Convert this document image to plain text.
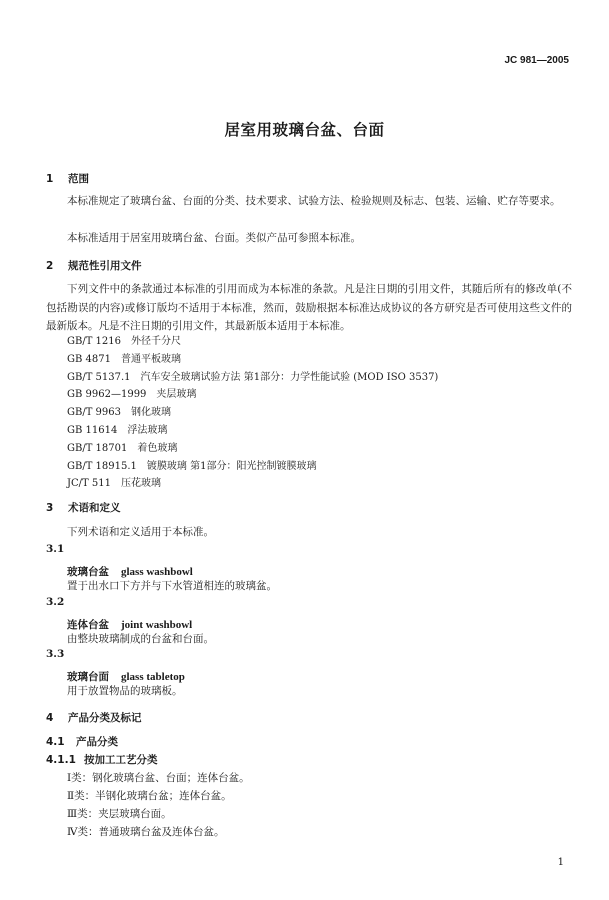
JC 981—2005
居室用玻璃台盆、台面
1 范围
本标准规定了玻璃台盆、台面的分类、技术要求、试验方法、检验规则及标志、包装、运输、贮存等要求。
本标准适用于居室用玻璃台盆、台面。类似产品可参照本标准。
2 规范性引用文件
下列文件中的条款通过本标准的引用而成为本标准的条款。凡是注日期的引用文件，其随后所有的修改单(不包括勘误的内容)或修订版均不适用于本标准，然而，鼓励根据本标准达成协议的各方研究是否可使用这些文件的最新版本。凡是不注日期的引用文件，其最新版本适用于本标准。
GB/T 1216 外径千分尺
GB 4871 普通平板玻璃
GB/T 5137.1 汽车安全玻璃试验方法 第1部分：力学性能试验 (MOD ISO 3537)
GB 9962—1999 夹层玻璃
GB/T 9963 钢化玻璃
GB 11614 浮法玻璃
GB/T 18701 着色玻璃
GB/T 18915.1 镀膜玻璃 第1部分：阳光控制镀膜玻璃
JC/T 511 压花玻璃
3 术语和定义
下列术语和定义适用于本标准。
3.1
玻璃台盆 glass washbowl
置于出水口下方并与下水管道相连的玻璃盆。
3.2
连体台盆 joint washbowl
由整块玻璃制成的台盆和台面。
3.3
玻璃台面 glass tabletop
用于放置物品的玻璃板。
4 产品分类及标记
4.1 产品分类
4.1.1 按加工工艺分类
Ⅰ类：钢化玻璃台盆、台面；连体台盆。
Ⅱ类：半钢化玻璃台盆；连体台盆。
Ⅲ类：夹层玻璃台面。
Ⅳ类：普通玻璃台盆及连体台盆。
1
